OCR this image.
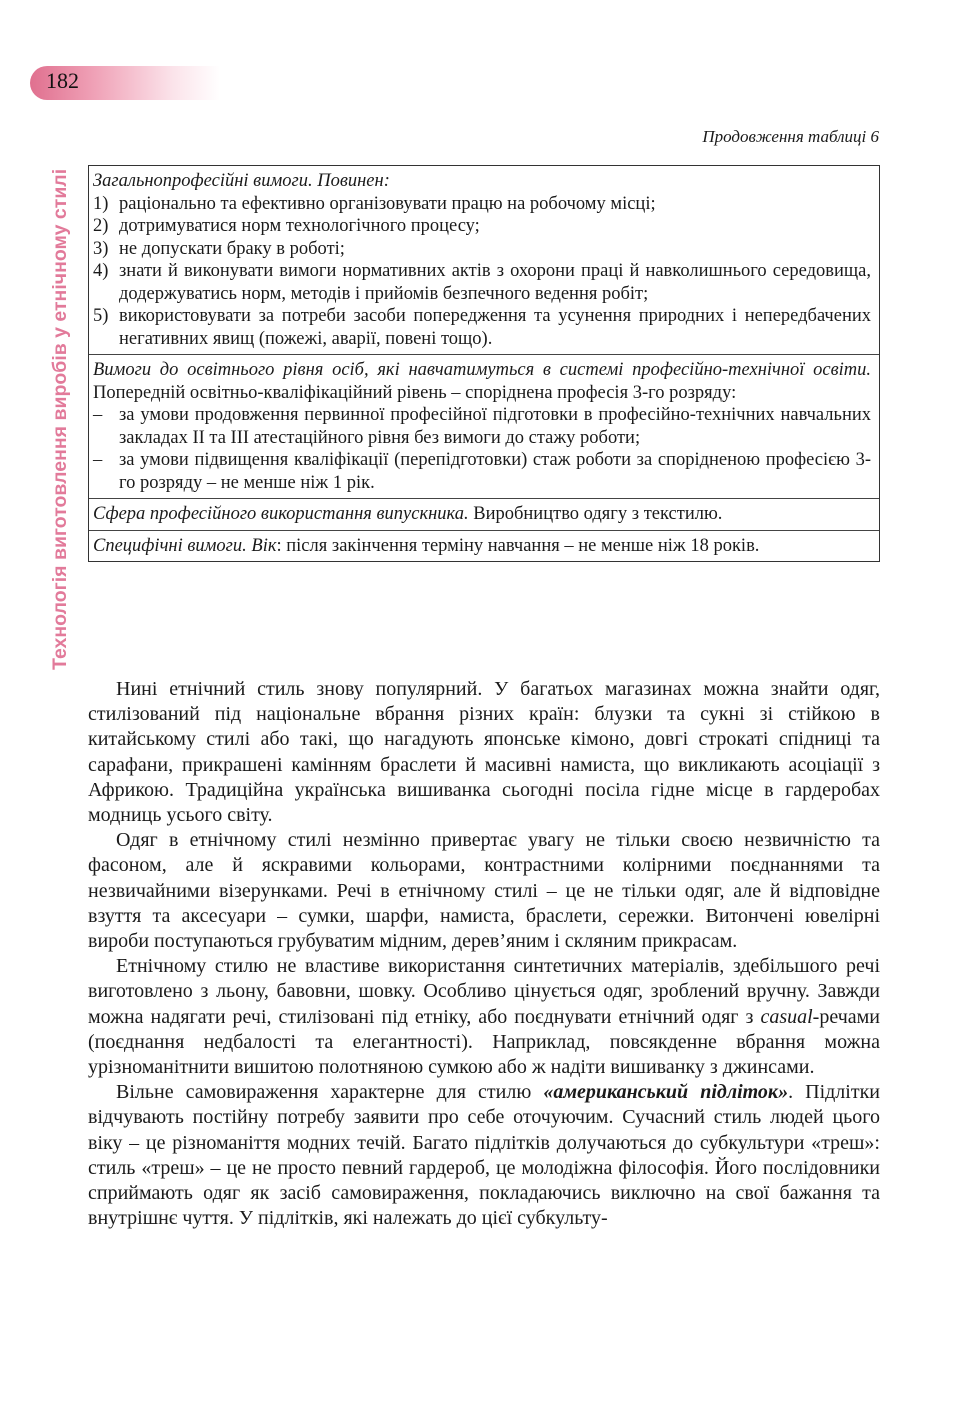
182
Технологія виготовлення виробів у етнічному стилі
Продовження таблиці 6
Загальнопрофесійні вимоги. Повинен:
1) раціонально та ефективно організовувати працю на робочому місці;
2) дотримуватися норм технологічного процесу;
3) не допускати браку в роботі;
4) знати й виконувати вимоги нормативних актів з охорони праці й навколишнього середовища, додержуватись норм, методів і прийомів безпечного ведення робіт;
5) використовувати за потреби засоби попередження та усунення природних і непередбачених негативних явищ (пожежі, аварії, повені тощо).
Вимоги до освітнього рівня осіб, які навчатимуться в системі професійно-технічної освіти. Попередній освітньо-кваліфікаційний рівень – споріднена професія 3-го розряду:
– за умови продовження первинної професійної підготовки в професійно-технічних навчальних закладах II та III атестаційного рівня без вимоги до стажу роботи;
– за умови підвищення кваліфікації (перепідготовки) стаж роботи за спорідненою професією 3-го розряду – не менше ніж 1 рік.
Сфера професійного використання випускника. Виробництво одягу з текстилю.
Специфічні вимоги. Вік: після закінчення терміну навчання – не менше ніж 18 років.

Нині етнічний стиль знову популярний. У багатьох магазинах можна знайти одяг, стилізований під національне вбрання різних країн: блузки та сукні зі стійкою в китайському стилі або такі, що нагадують японське кімоно, довгі строкаті спідниці та сарафани, прикрашені камінням браслети й масивні намиста, що викликають асоціації з Африкою. Традиційна українська вишиванка сьогодні посіла гідне місце в гардеробах модниць усього світу.

Одяг в етнічному стилі незмінно привертає увагу не тільки своєю незвичністю та фасоном, але й яскравими кольорами, контрастними колірними поєднаннями та незвичайними візерунками. Речі в етнічному стилі – це не тільки одяг, але й відповідне взуття та аксесуари – сумки, шарфи, намиста, браслети, сережки. Витончені ювелірні вироби поступаються грубуватим мідним, дерев’яним і скляним прикрасам.

Етнічному стилю не властиве використання синтетичних матеріалів, здебільшого речі виготовлено з льону, бавовни, шовку. Особливо цінується одяг, зроблений вручну. Завжди можна надягати речі, стилізовані під етніку, або поєднувати етнічний одяг з casual-речами (поєднання недбалості та елегантності). Наприклад, повсякденне вбрання можна урізноманітнити вишитою полотняною сумкою або ж надіти вишиванку з джинсами.

Вільне самовираження характерне для стилю «американський підліток». Підлітки відчувають постійну потребу заявити про себе оточуючим. Сучасний стиль людей цього віку – це різноманіття модних течій. Багато підлітків долучаються до субкультури «треш»: стиль «треш» – це не просто певний гардероб, це молодіжна філософія. Його послідовники сприймають одяг як засіб самовираження, покладаючись виключно на свої бажання та внутрішнє чуття. У підлітків, які належать до цієї субкульту-
